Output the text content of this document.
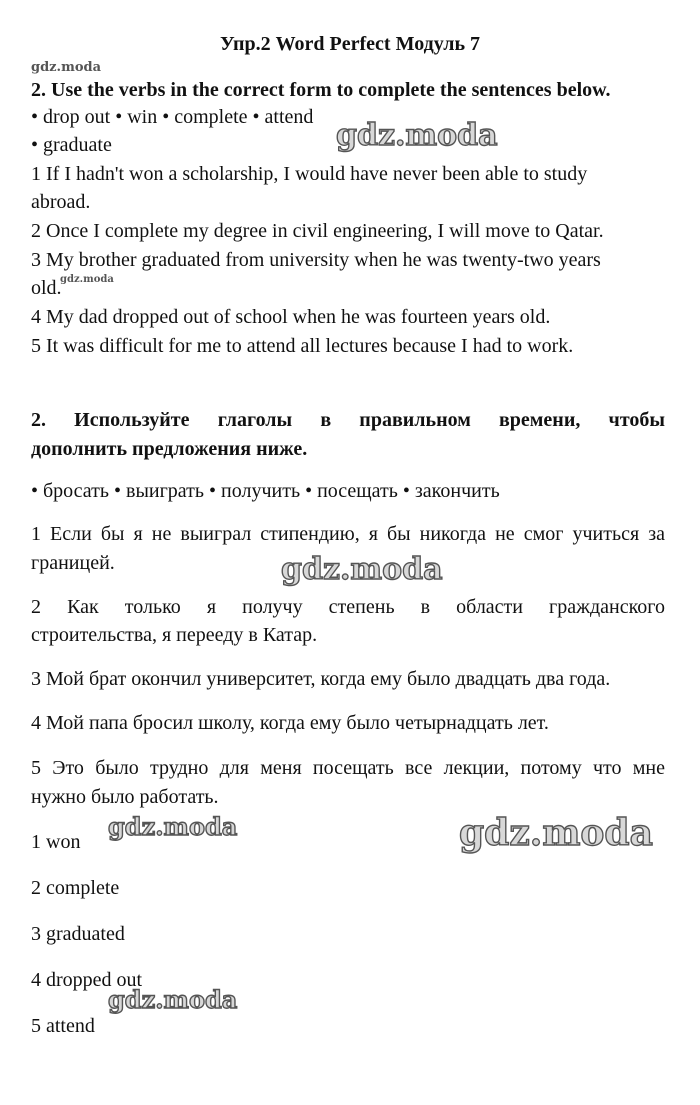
Упр.2 Word Perfect Модуль 7
gdz.moda
2. Use the verbs in the correct form to complete the sentences below.
• drop out • win • complete • attend
• graduate	gdz.moda
1 If I hadn't won a scholarship, I would have never been able to study
abroad.
2 Once I complete my degree in civil engineering, I will move to Qatar.
3 My brother graduated from university when he was twenty-two years
old.
gdz.moda
4 My dad dropped out of school when he was fourteen years old.
5 It was difficult for me to attend all lectures because I had to work.
2. Используйте глаголы в правильном времени, чтобы
дополнить предложения ниже.
• бросать • выиграть • получить • посещать • закончить
1 Если бы я не выиграл стипендию, я бы никогда не смог учиться за
границей.	gdz.moda
2 Как только я получу степень в области гражданского
строительства, я перееду в Катар.
3 Мой брат окончил университет, когда ему было двадцать два года.
4 Мой папа бросил школу, когда ему было четырнадцать лет.
5 Это было трудно для меня посещать все лекции, потому что мне
нужно было работать.
1 won
gdz.moda	gdz.moda
2 complete
3 graduated
4 dropped out
gdz.moda
5 attend
